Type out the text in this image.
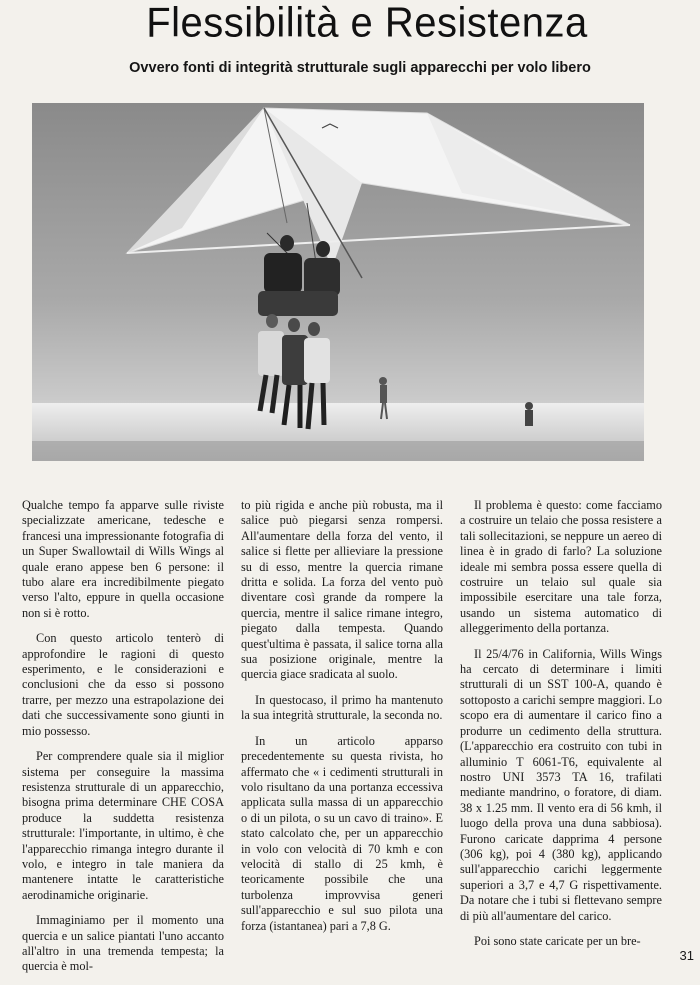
Flessibilità e Resistenza
Ovvero fonti di integrità strutturale sugli apparecchi per volo libero

Qualche tempo fa apparve sulle riviste specializzate americane, tedesche e francesi una impressionante fotografia di un Super Swallowtail di Wills Wings al quale erano appese ben 6 persone: il tubo alare era incredibilmente piegato verso l'alto, eppure in quella occasione non si è rotto.

Con questo articolo tenterò di approfondire le ragioni di questo esperimento, e le considerazioni e conclusioni che da esso si possono trarre, per mezzo una estrapolazione dei dati che successivamente sono giunti in mio possesso.

Per comprendere quale sia il miglior sistema per conseguire la massima resistenza strutturale di un apparecchio, bisogna prima determinare CHE COSA produce la suddetta resistenza strutturale: l'importante, in ultimo, è che l'apparecchio rimanga integro durante il volo, e integro in tale maniera da mantenere intatte le caratteristiche aerodinamiche originarie.

Immaginiamo per il momento una quercia e un salice piantati l'uno accanto all'altro in una tremenda tempesta; la quercia è mol-

to più rigida e anche più robusta, ma il salice può piegarsi senza rompersi. All'aumentare della forza del vento, il salice si flette per allieviare la pressione su di esso, mentre la quercia rimane dritta e solida. La forza del vento può diventare così grande da rompere la quercia, mentre il salice rimane integro, piegato dalla tempesta. Quando quest'ultima è passata, il salice torna alla sua posizione originale, mentre la quercia giace sradicata al suolo.

In questocaso, il primo ha mantenuto la sua integrità strutturale, la seconda no.

In un articolo apparso precedentemente su questa rivista, ho affermato che « i cedimenti strutturali in volo risultano da una portanza eccessiva applicata sulla massa di un apparecchio o di un pilota, o su un cavo di traino». E stato calcolato che, per un apparecchio in volo con velocità di 70 kmh e con velocità di stallo di 25 kmh, è teoricamente possibile che una turbolenza improvvisa generi sull'apparecchio e sul suo pilota una forza (istantanea) pari a 7,8 G.

Il problema è questo: come facciamo a costruire un telaio che possa resistere a tali sollecitazioni, se neppure un aereo di linea è in grado di farlo? La soluzione ideale mi sembra possa essere quella di costruire un telaio sul quale sia impossibile esercitare una tale forza, usando un sistema automatico di alleggerimento della portanza.

Il 25/4/76 in California, Wills Wings ha cercato di determinare i limiti strutturali di un SST 100-A, quando è sottoposto a carichi sempre maggiori. Lo scopo era di aumentare il carico fino a produrre un cedimento della struttura. (L'apparecchio era costruito con tubi in alluminio T 6061-T6, equivalente al nostro UNI 3573 TA 16, trafilati mediante mandrino, o foratore, di diam. 38 x 1.25 mm. Il vento era di 56 kmh, il luogo della prova una duna sabbiosa). Furono caricate dapprima 4 persone (306 kg), poi 4 (380 kg), applicando sull'apparecchio carichi leggermente superiori a 3,7 e 4,7 G rispettivamente. Da notare che i tubi si flettevano sempre di più all'aumentare del carico.

Poi sono state caricate per un bre-

31
